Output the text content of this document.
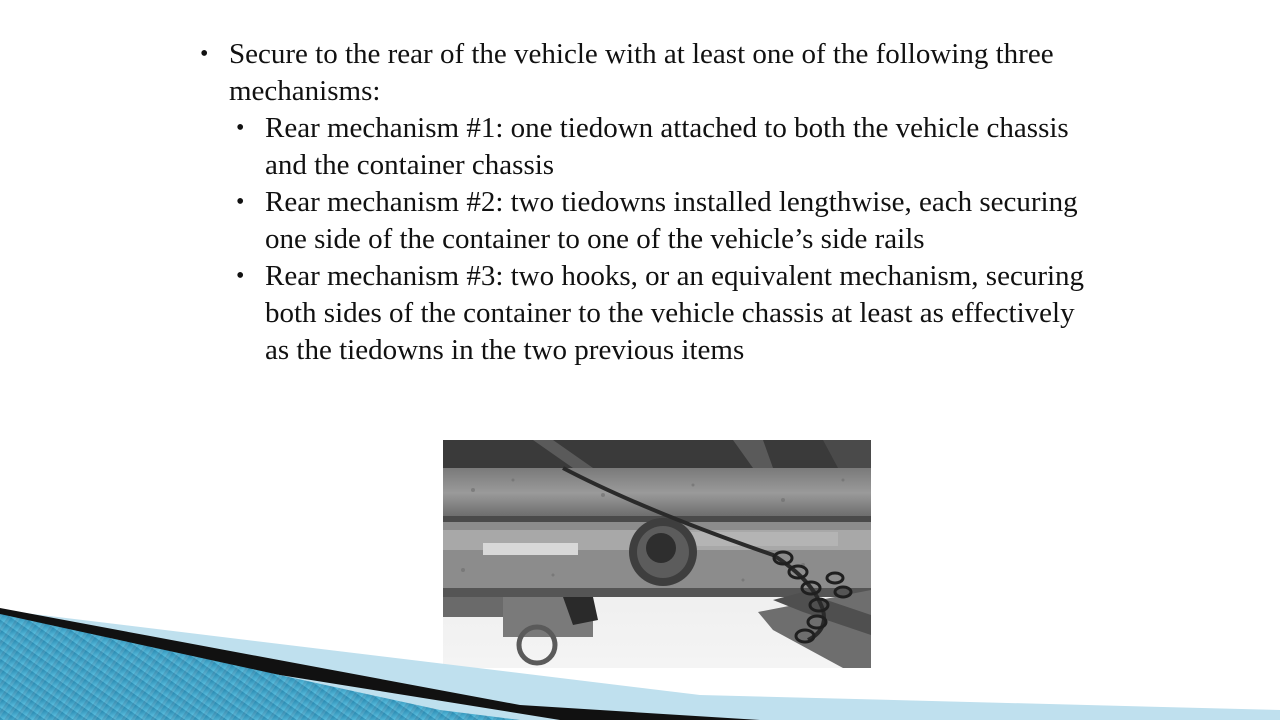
• Secure to the rear of the vehicle with at least one of the following three mechanisms:

• Rear mechanism #1: one tiedown attached to both the vehicle chassis and the container chassis

• Rear mechanism #2: two tiedowns installed lengthwise, each securing one side of the container to one of the vehicle’s side rails

• Rear mechanism #3: two hooks, or an equivalent mechanism, securing both sides of the container to the vehicle chassis at least as effectively as the tiedowns in the two previous items
